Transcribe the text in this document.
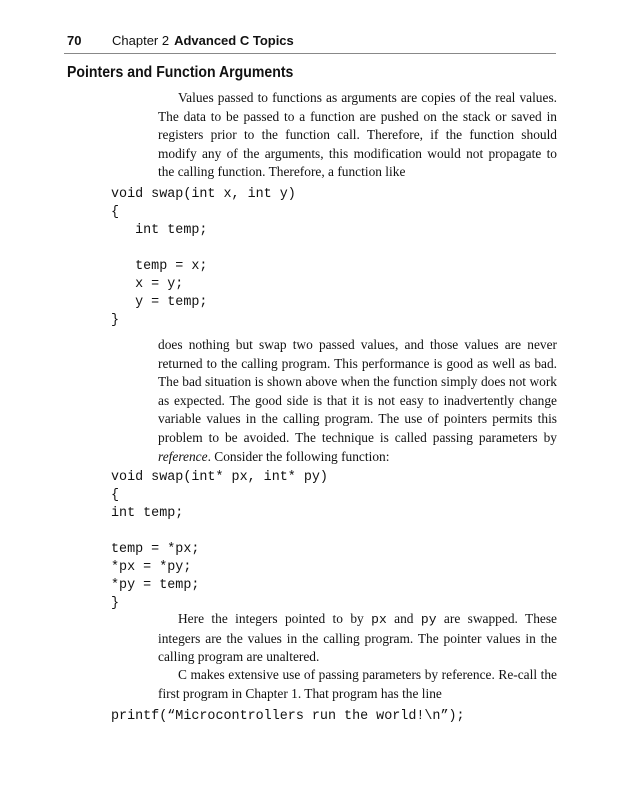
70	Chapter 2 Advanced C Topics
Pointers and Function Arguments

Values passed to functions as arguments are copies of the real values. The data to be passed to a function are pushed on the stack or saved in registers prior to the function call. Therefore, if the function should modify any of the arguments, this modification would not propagate to the calling function. Therefore, a function like

void swap(int x, int y)
{
int temp;

temp = x;
x = y;
y = temp;
}

does nothing but swap two passed values, and those values are never returned to the calling program. This performance is good as well as bad. The bad situation is shown above when the function simply does not work as expected. The good side is that it is not easy to inadvertently change variable values in the calling program. The use of pointers permits this problem to be avoided. The technique is called passing parameters by reference. Consider the following function:

void swap(int* px, int* py)
{
int temp;

temp = *px;
*px = *py;
*py = temp;
}

Here the integers pointed to by px and py are swapped. These integers are the values in the calling program. The pointer values in the calling program are unaltered.

C makes extensive use of passing parameters by reference. Re-call the first program in Chapter 1. That program has the line

printf(“Microcontrollers run the world!\n”);
